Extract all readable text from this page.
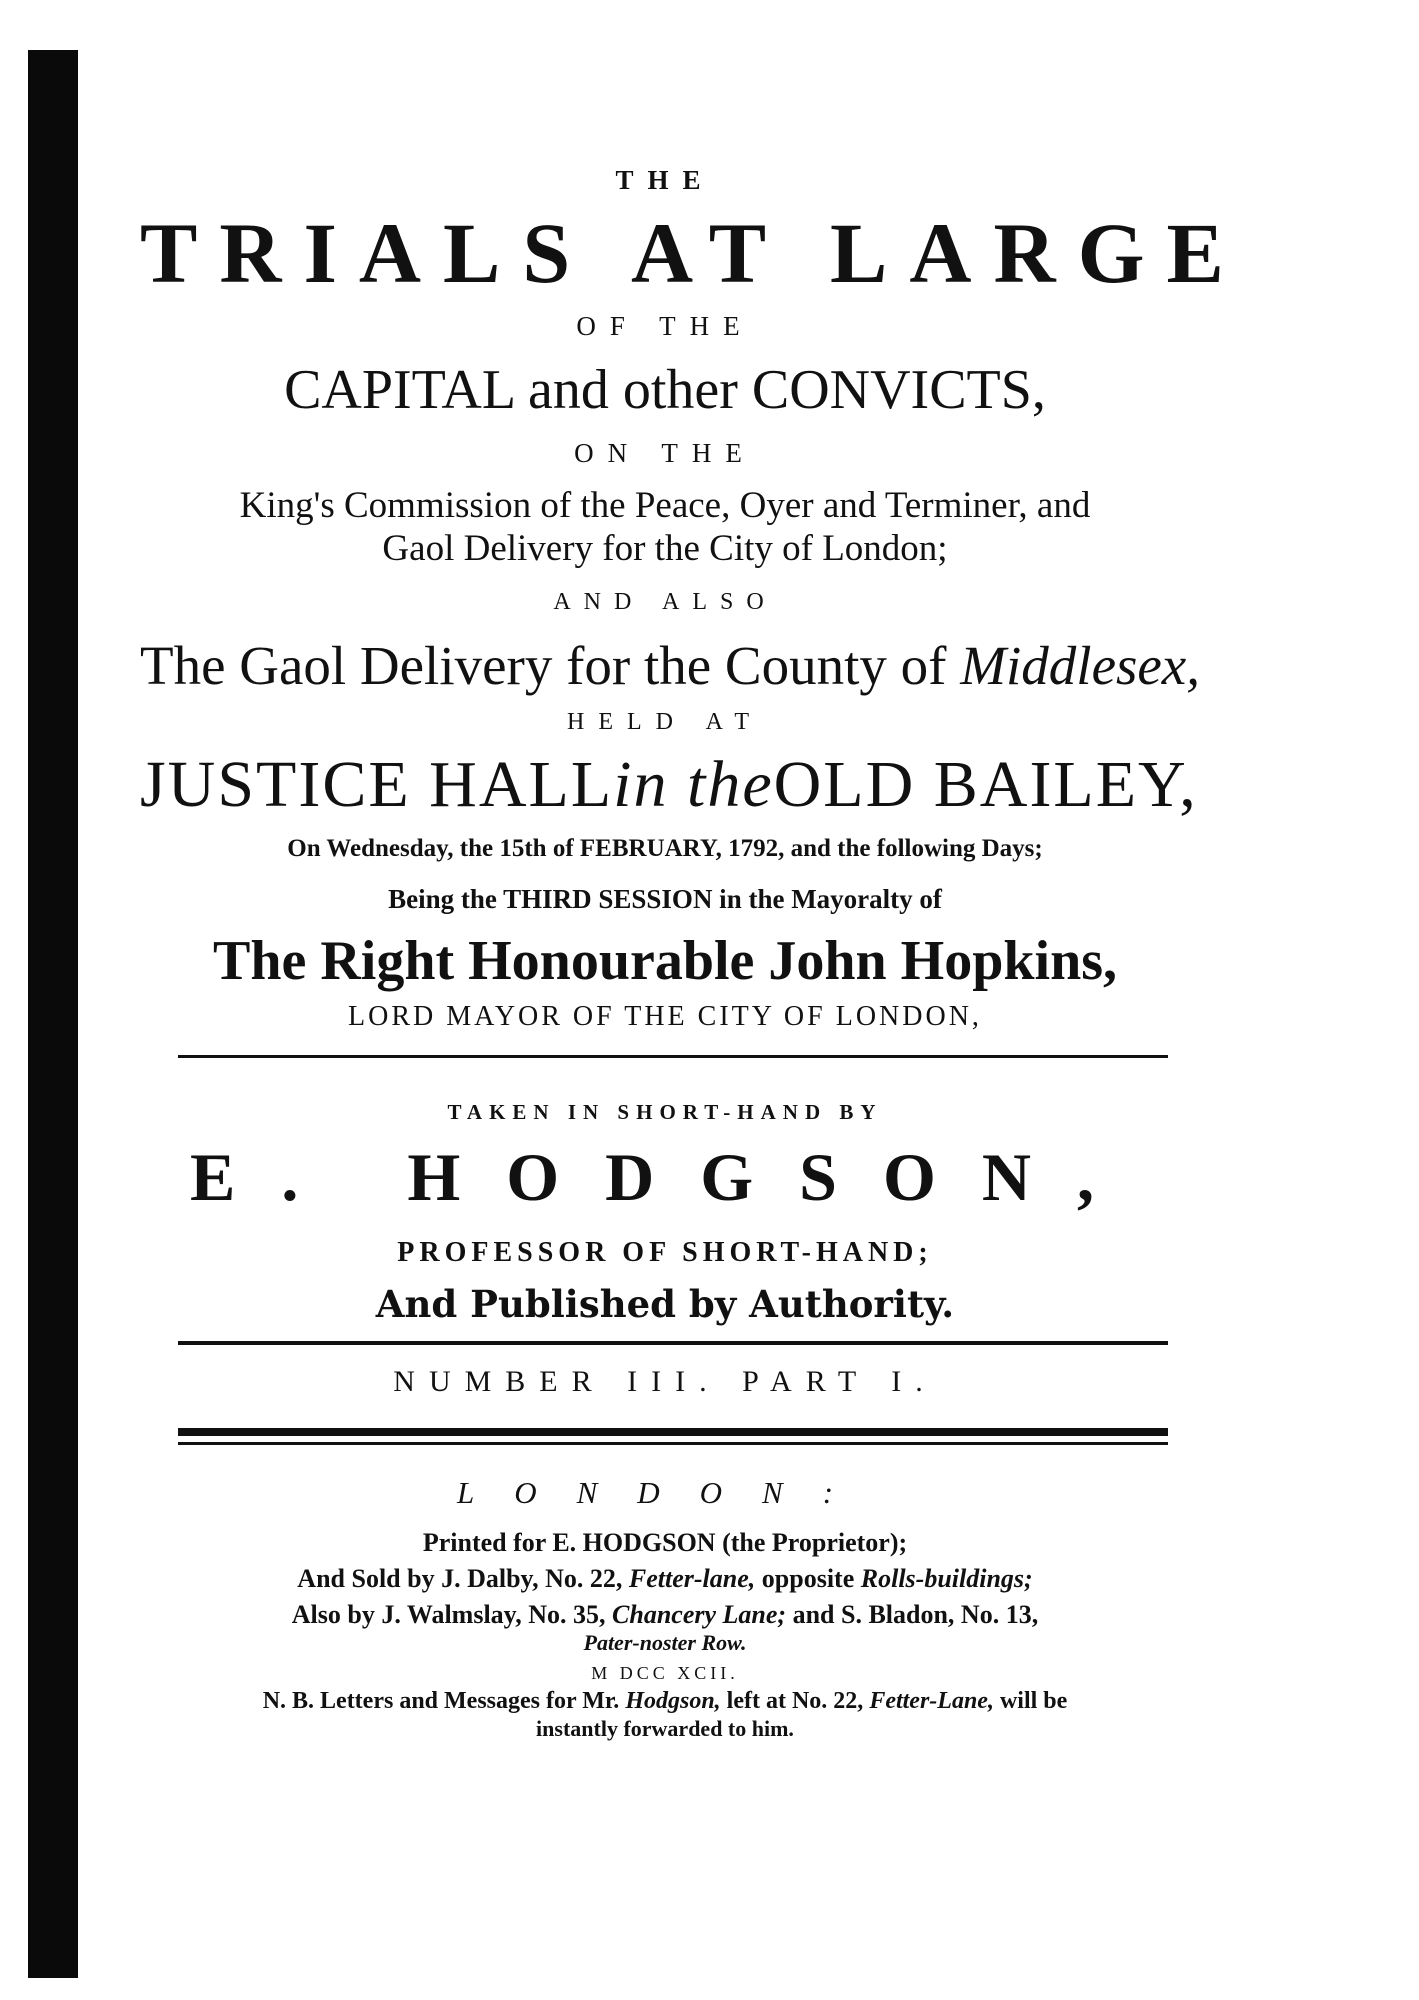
THE
TRIALS AT LARGE
OF THE
CAPITAL and other CONVICTS,
ON THE
King's Commission of the Peace, Oyer and Terminer, and
Gaol Delivery for the City of London;
AND ALSO
The Gaol Delivery for the County of Middlesex,
HELD AT
JUSTICE HALLin theOLD BAILEY,
On Wednesday, the 15th of FEBRUARY, 1792, and the following Days;
Being the THIRD SESSION in the Mayoralty of
The Right Honourable John Hopkins,
LORD MAYOR OF THE CITY OF LONDON,
TAKEN IN SHORT-HAND BY
E. HODGSON,
PROFESSOR OF SHORT-HAND;
And Published by Authority.
NUMBER III. PART I.
LONDON:
Printed for E. HODGSON (the Proprietor);
And Sold by J. Dalby, No. 22, Fetter-lane, opposite Rolls-buildings;
Also by J. Walmslay, No. 35, Chancery Lane; and S. Bladon, No. 13,
Pater-noster Row.
M DCC XCII.
N. B. Letters and Messages for Mr. Hodgson, left at No. 22, Fetter-Lane, will be
instantly forwarded to him.
